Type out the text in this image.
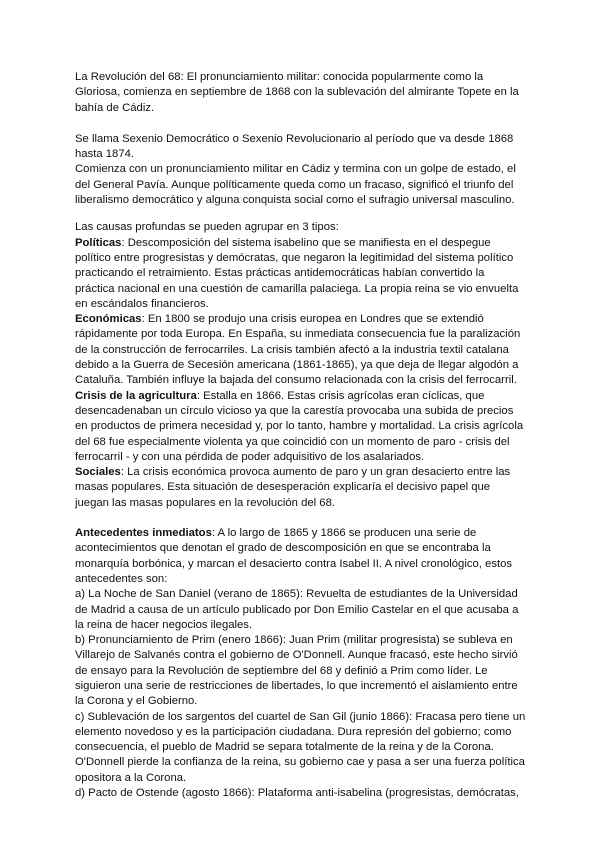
La Revolución del 68: El pronunciamiento militar: conocida popularmente como la Gloriosa, comienza en septiembre de 1868 con la sublevación del almirante Topete en la bahía de Cádiz.

Se llama Sexenio Democrático o Sexenio Revolucionario al período que va desde 1868 hasta 1874.

Comienza con un pronunciamiento militar en Cádiz y termina con un golpe de estado, el del General Pavía. Aunque políticamente queda como un fracaso, significó el triunfo del liberalismo democrático y alguna conquista social como el sufragio universal masculino.

Las causas profundas se pueden agrupar en 3 tipos:

Políticas: Descomposición del sistema isabelino que se manifiesta en el despegue político entre progresistas y demócratas, que negaron la legitimidad del sistema político practicando el retraimiento. Estas prácticas antidemocráticas habían convertido la práctica nacional en una cuestión de camarilla palaciega. La propia reina se vio envuelta en escándalos financieros.

Económicas: En 1800 se produjo una crisis europea en Londres que se extendió rápidamente por toda Europa. En España, su inmediata consecuencia fue la paralización de la construcción de ferrocarriles. La crisis también afectó a la industria textil catalana debido a la Guerra de Secesión americana (1861-1865), ya que deja de llegar algodón a Cataluña. También influye la bajada del consumo relacionada con la crisis del ferrocarril.

Crisis de la agricultura: Estalla en 1866. Estas crisis agrícolas eran cíclicas, que desencadenaban un círculo vicioso ya que la carestía provocaba una subida de precios en productos de primera necesidad y, por lo tanto, hambre y mortalidad. La crisis agrícola del 68 fue especialmente violenta ya que coincidió con un momento de paro - crisis del ferrocarril - y con una pérdida de poder adquisitivo de los asalariados.

Sociales: La crisis económica provoca aumento de paro y un gran desacierto entre las masas populares. Esta situación de desesperación explicaría el decisivo papel que juegan las masas populares en la revolución del 68.

Antecedentes inmediatos: A lo largo de 1865 y 1866 se producen una serie de acontecimientos que denotan el grado de descomposición en que se encontraba la monarquía borbónica, y marcan el desacierto contra Isabel II. A nivel cronológico, estos antecedentes son:

a) La Noche de San Daniel (verano de 1865): Revuelta de estudiantes de la Universidad de Madrid a causa de un artículo publicado por Don Emilio Castelar en el que acusaba a la reina de hacer negocios ilegales.

b) Pronunciamiento de Prim (enero 1866): Juan Prim (militar progresista) se subleva en Villarejo de Salvanés contra el gobierno de O'Donnell. Aunque fracasó, este hecho sirvió de ensayo para la Revolución de septiembre del 68 y definió a Prim como líder. Le siguieron una serie de restricciones de libertades, lo que incrementó el aislamiento entre la Corona y el Gobierno.

c) Sublevación de los sargentos del cuartel de San Gil (junio 1866): Fracasa pero tiene un elemento novedoso y es la participación ciudadana. Dura represión del gobierno; como consecuencia, el pueblo de Madrid se separa totalmente de la reina y de la Corona. O'Donnell pierde la confianza de la reina, su gobierno cae y pasa a ser una fuerza política opositora a la Corona.

d) Pacto de Ostende (agosto 1866): Plataforma anti-isabelina (progresistas, demócratas,
